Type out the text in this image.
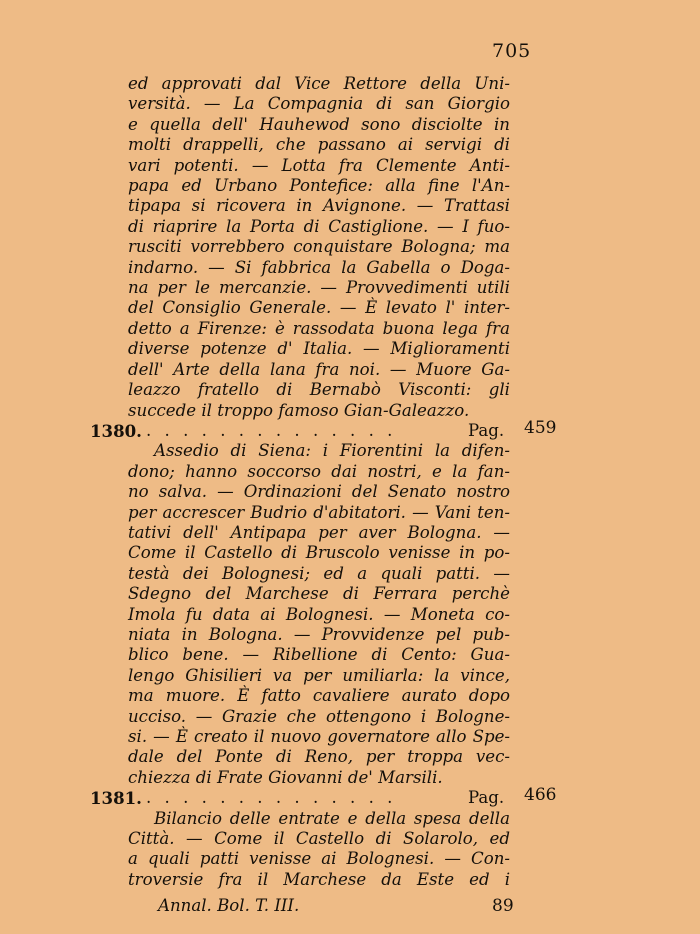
705
ed approvati dal Vice Rettore della Uni-
versità. — La Compagnia di san Giorgio
e quella dell' Hauhewod sono disciolte in
molti drappelli, che passano ai servigi di
vari potenti. — Lotta fra Clemente Anti-
papa ed Urbano Pontefice: alla fine l'An-
tipapa si ricovera in Avignone. — Trattasi
di riaprire la Porta di Castiglione. — I fuo-
rusciti vorrebbero conquistare Bologna; ma
indarno. — Si fabbrica la Gabella o Doga-
na per le mercanzie. — Provvedimenti utili
del Consiglio Generale. — È levato l' inter-
detto a Firenze: è rassodata buona lega fra
diverse potenze d' Italia. — Miglioramenti
dell' Arte della lana fra noi. — Muore Ga-
leazzo fratello di Bernabò Visconti: gli
succede il troppo famoso Gian-Galeazzo.
1380. . . . . . . . . . . . . . .	Pag. 459
Assedio di Siena: i Fiorentini la difen-
dono; hanno soccorso dai nostri, e la fan-
no salva. — Ordinazioni del Senato nostro
per accrescer Budrio d'abitatori. — Vani ten-
tativi dell' Antipapa per aver Bologna. —
Come il Castello di Bruscolo venisse in po-
testà dei Bolognesi; ed a quali patti. —
Sdegno del Marchese di Ferrara perchè
Imola fu data ai Bolognesi. — Moneta co-
niata in Bologna. — Provvidenze pel pub-
blico bene. — Ribellione di Cento: Gua-
lengo Ghisilieri va per umiliarla: la vince,
ma muore. È fatto cavaliere aurato dopo
ucciso. — Grazie che ottengono i Bologne-
si. — È creato il nuovo governatore allo Spe-
dale del Ponte di Reno, per troppa vec-
chiezza di Frate Giovanni de' Marsili.
1381. . . . . . . . . . . . . . .	Pag. 466
Bilancio delle entrate e della spesa della
Città. — Come il Castello di Solarolo, ed
a quali patti venisse ai Bolognesi. — Con-
troversie fra il Marchese da Este ed i
Annal. Bol. T. III.	89
